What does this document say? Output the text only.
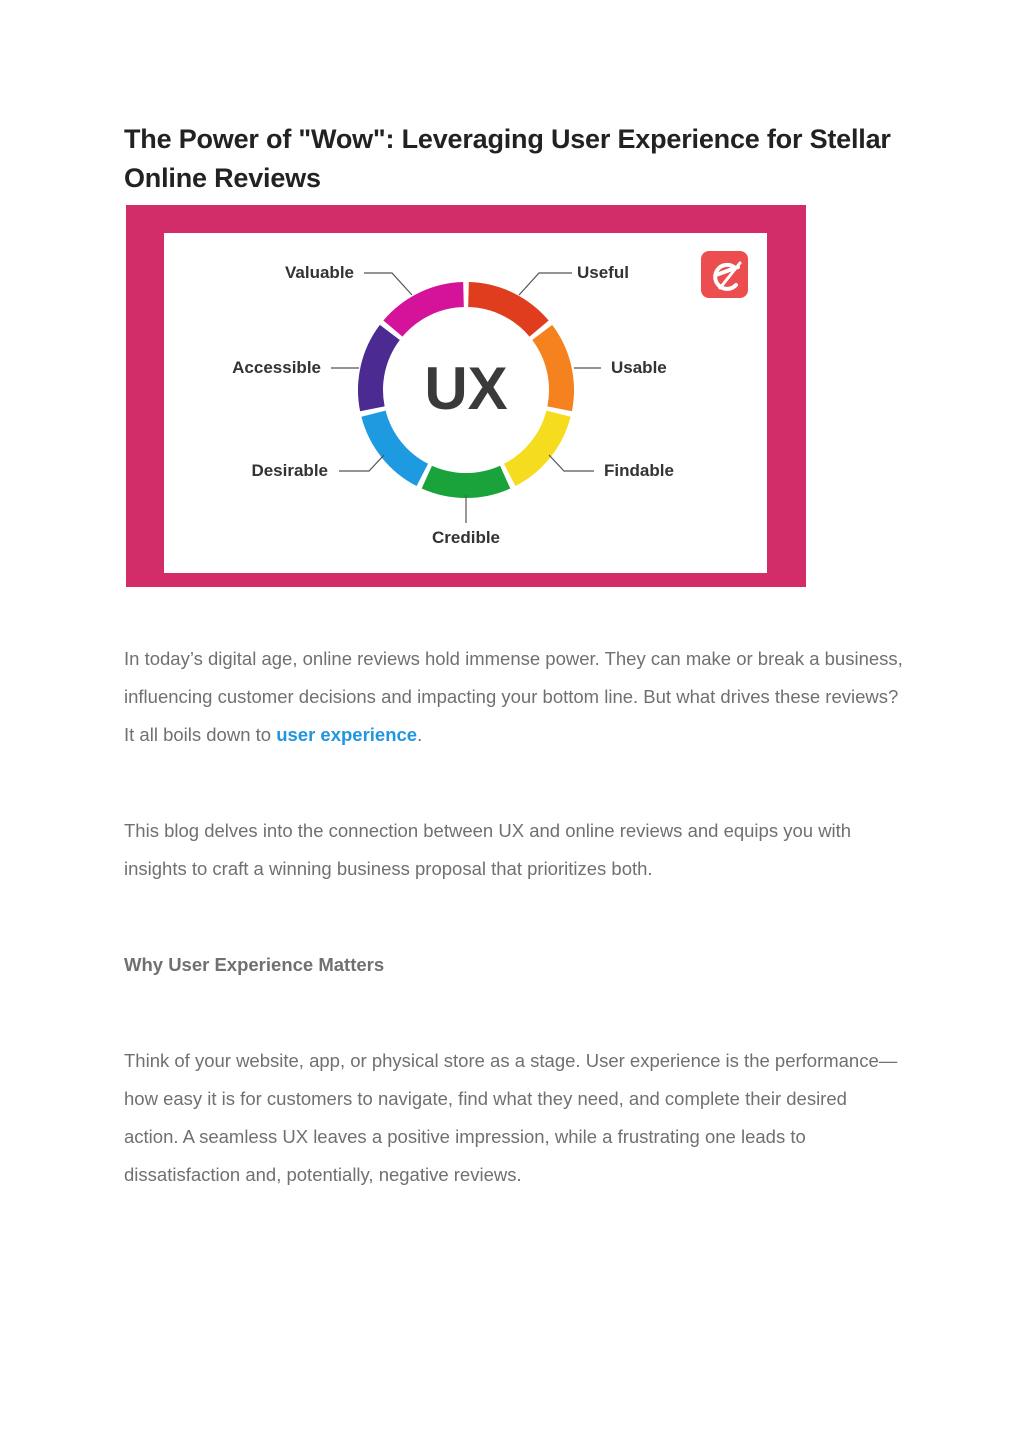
The Power of "Wow": Leveraging User Experience for Stellar Online Reviews
Useful
Usable
Findable
Credible
Desirable
Accessible
Valuable
UX

In today’s digital age, online reviews hold immense power. They can make or break a business, influencing customer decisions and impacting your bottom line. But what drives these reviews? It all boils down to user experience.

This blog delves into the connection between UX and online reviews and equips you with insights to craft a winning business proposal that prioritizes both.

Why User Experience Matters

Think of your website, app, or physical store as a stage. User experience is the performance—how easy it is for customers to navigate, find what they need, and complete their desired action. A seamless UX leaves a positive impression, while a frustrating one leads to dissatisfaction and, potentially, negative reviews.
